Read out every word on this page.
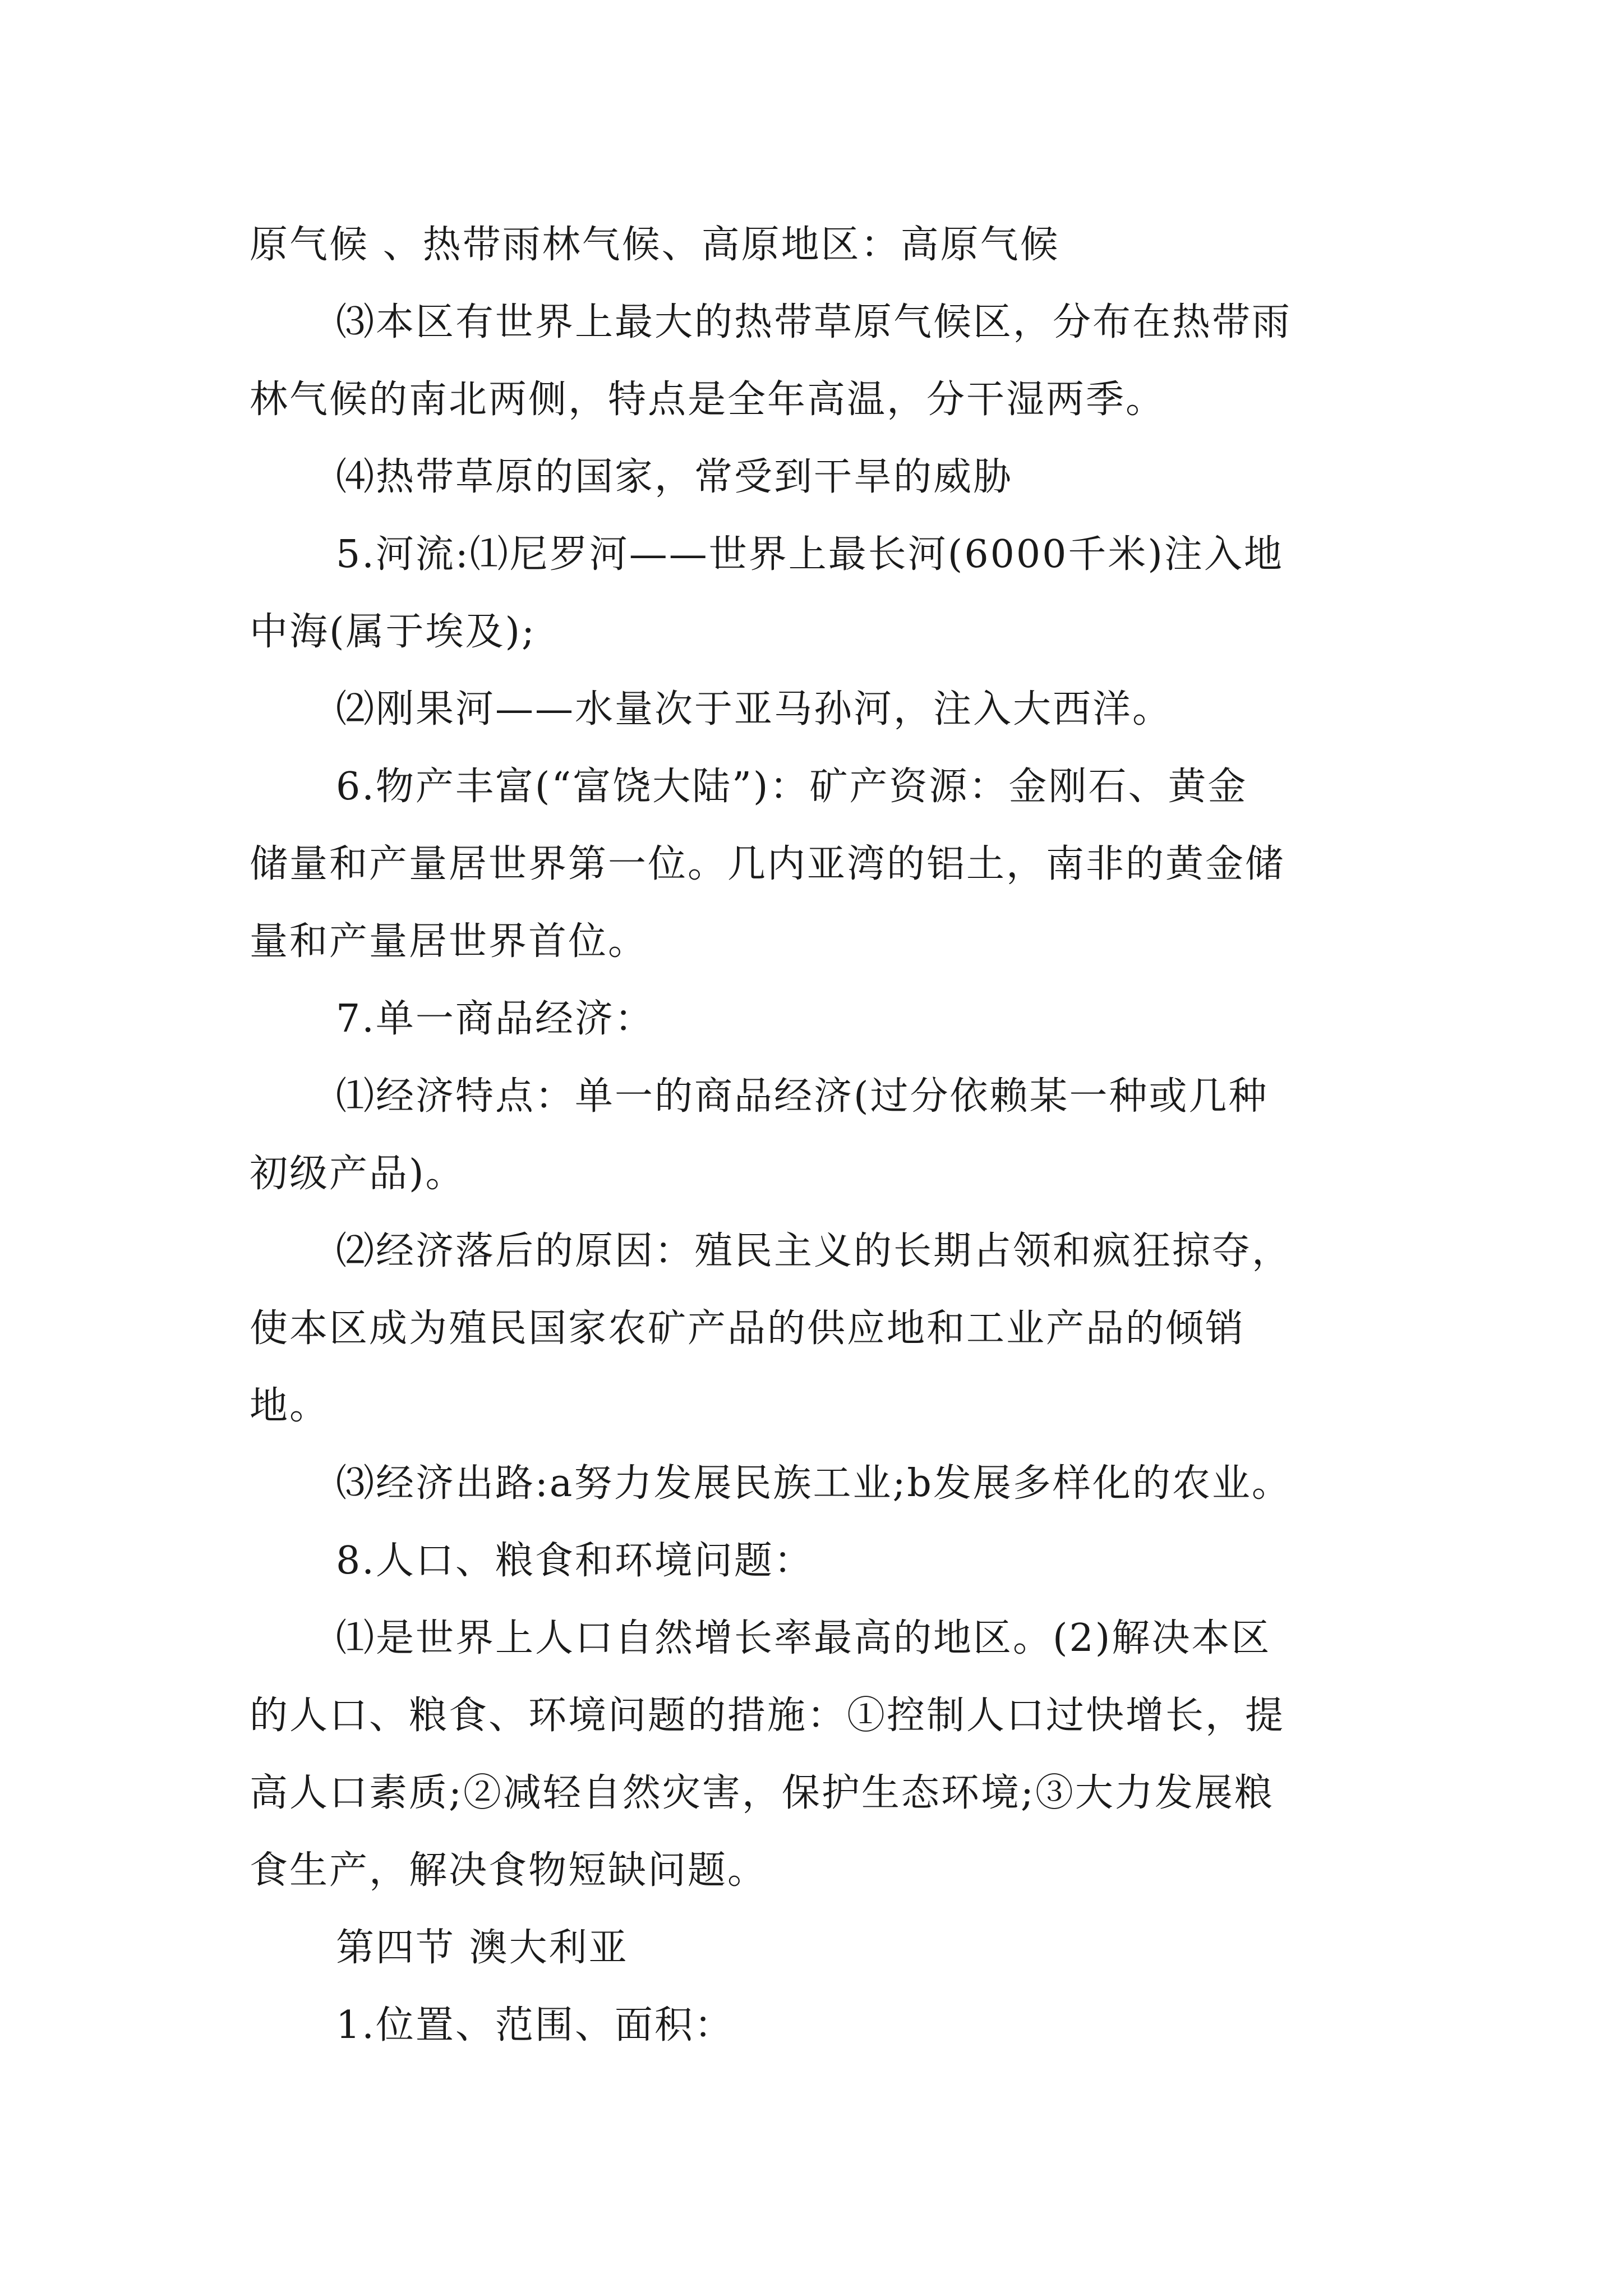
原气候 、热带雨林气候、高原地区：高原气候
⑶本区有世界上最大的热带草原气候区，分布在热带雨
林气候的南北两侧，特点是全年高温，分干湿两季。
⑷热带草原的国家，常受到干旱的威胁
5.河流:⑴尼罗河——世界上最长河(6000千米)注入地
中海(属于埃及);
⑵刚果河——水量次于亚马孙河，注入大西洋。
6.物产丰富(“富饶大陆”)：矿产资源：金刚石、黄金
储量和产量居世界第一位。几内亚湾的铝土，南非的黄金储
量和产量居世界首位。
7.单一商品经济：
⑴经济特点：单一的商品经济(过分依赖某一种或几种
初级产品)。
⑵经济落后的原因：殖民主义的长期占领和疯狂掠夺，
使本区成为殖民国家农矿产品的供应地和工业产品的倾销
地。
⑶经济出路:a努力发展民族工业;b发展多样化的农业。
8.人口、粮食和环境问题：
⑴是世界上人口自然增长率最高的地区。(2)解决本区
的人口、粮食、环境问题的措施：①控制人口过快增长，提
高人口素质;②减轻自然灾害，保护生态环境;③大力发展粮
食生产，解决食物短缺问题。
第四节 澳大利亚
1.位置、范围、面积：
